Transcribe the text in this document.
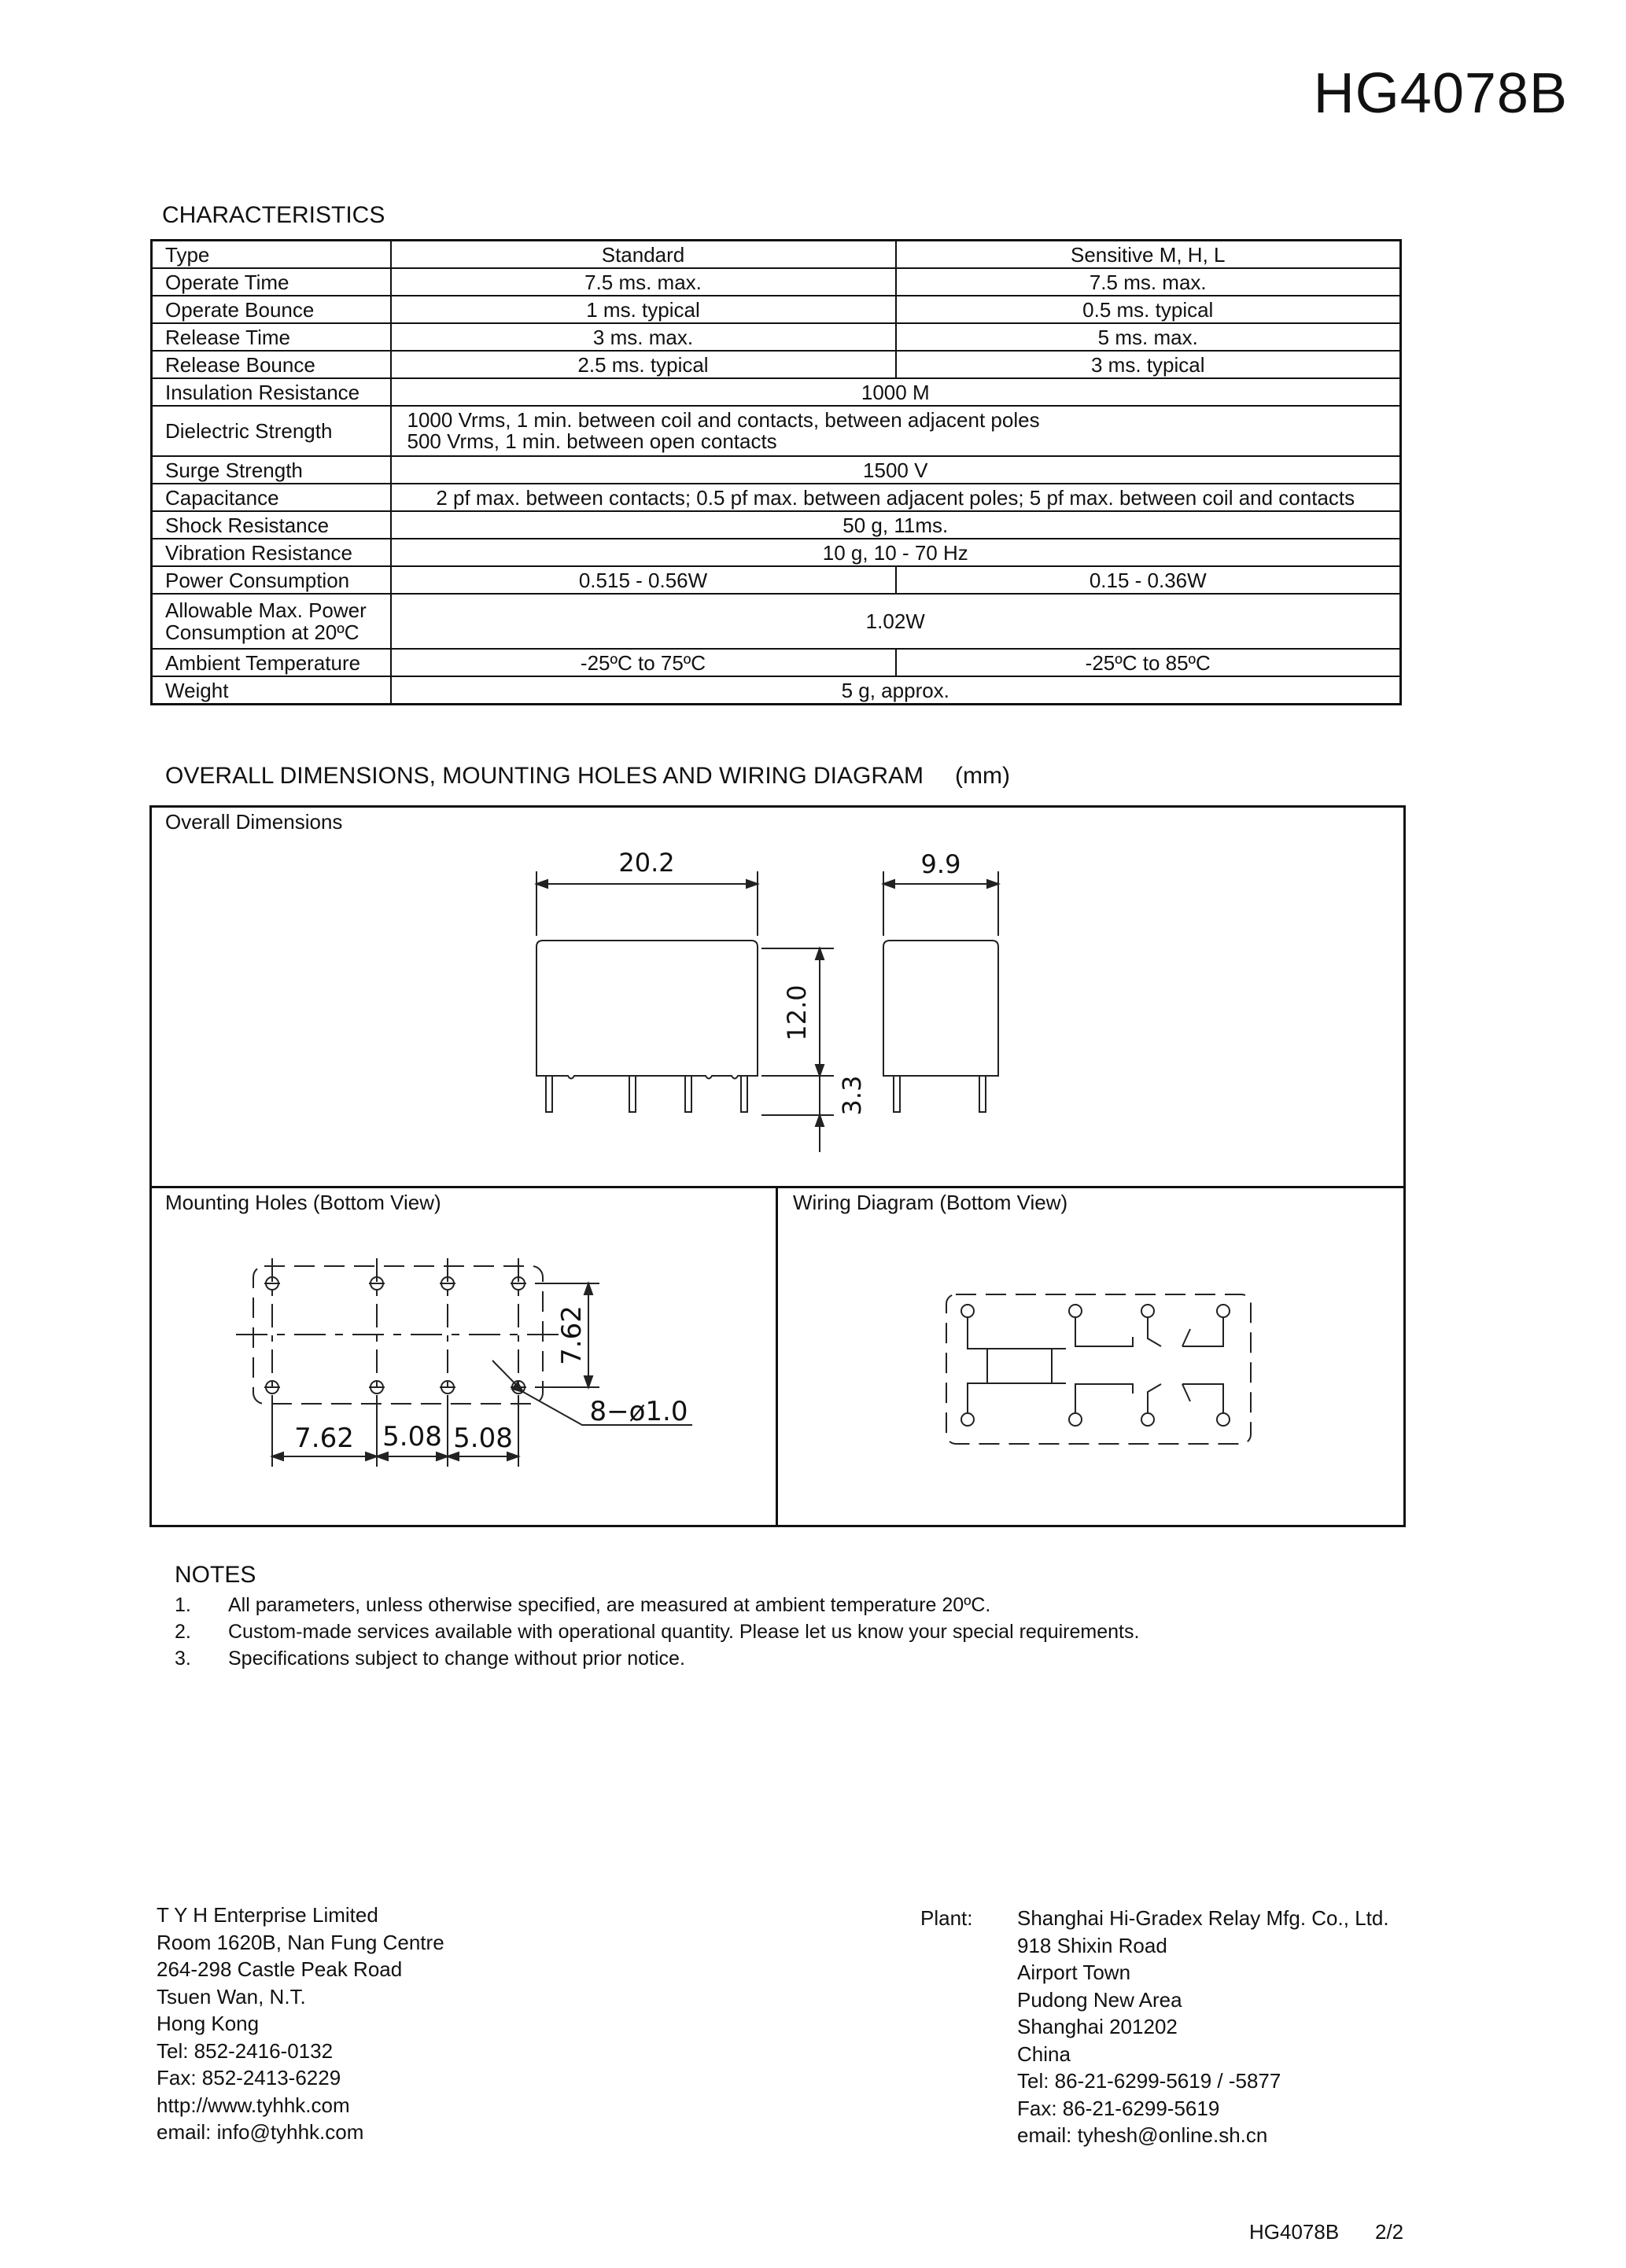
HG4078B
CHARACTERISTICS
Type	Standard	Sensitive M, H, L
Operate Time	7.5 ms. max.	7.5 ms. max.
Operate Bounce	1 ms. typical	0.5 ms. typical
Release Time	3 ms. max.	5 ms. max.
Release Bounce	2.5 ms. typical	3 ms. typical
Insulation Resistance	1000 M	
Dielectric Strength	1000 Vrms, 1 min. between coil and contacts, between adjacent poles
500 Vrms, 1 min. between open contacts	

Surge Strength	1500 V	
Capacitance	2 pf max. between contacts; 0.5 pf max. between adjacent poles; 5 pf max. between coil and contacts	
Shock Resistance	50 g, 11ms.	
Vibration Resistance	10 g, 10 - 70 Hz	
Power Consumption	0.515 - 0.56W	0.15 - 0.36W

Allowable Max. Power
Consumption at 20ºC	1.02W	
Ambient Temperature	-25ºC to 75ºC	-25ºC to 85ºC
Weight	5 g, approx.	
OVERALL DIMENSIONS, MOUNTING HOLES AND WIRING DIAGRAM (mm)
Overall Dimensions
Mounting Holes (Bottom View)	Wiring Diagram (Bottom View)
20.2
12.0
3.3
9.9
7.62
8−ø1.0
7.62 5.08 5.08
NOTES
1. All parameters, unless otherwise specified, are measured at ambient temperature 20ºC.
2. Custom-made services available with operational quantity. Please let us know your special requirements.
3. Specifications subject to change without prior notice.
T Y H Enterprise Limited
Room 1620B, Nan Fung Centre
264-298 Castle Peak Road
Tsuen Wan, N.T.
Hong Kong
Tel: 852-2416-0132
Fax: 852-2413-6229
http://www.tyhhk.com
email: info@tyhhk.com
Plant: Shanghai Hi-Gradex Relay Mfg. Co., Ltd.
918 Shixin Road
Airport Town
Pudong New Area
Shanghai 201202
China
Tel: 86-21-6299-5619 / -5877
Fax: 86-21-6299-5619
email: tyhesh@online.sh.cn
HG4078B 2/2
